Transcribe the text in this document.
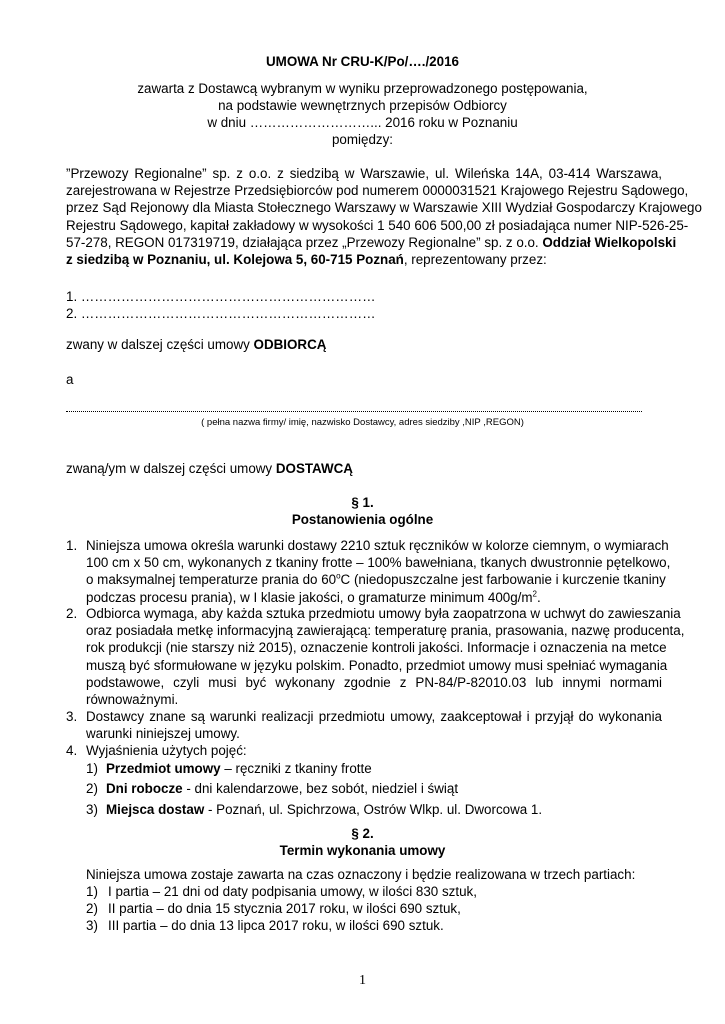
UMOWA Nr CRU-K/Po/…./2016
zawarta z Dostawcą wybranym w wyniku przeprowadzonego postępowania,
na podstawie wewnętrznych przepisów Odbiorcy
w dniu ………………………... 2016 roku w Poznaniu
pomiędzy:
”Przewozy Regionalne” sp. z o.o. z siedzibą w Warszawie, ul. Wileńska 14A, 03-414 Warszawa,
zarejestrowana w Rejestrze Przedsiębiorców pod numerem 0000031521 Krajowego Rejestru Sądowego,
przez Sąd Rejonowy dla Miasta Stołecznego Warszawy w Warszawie XIII Wydział Gospodarczy Krajowego
Rejestru Sądowego, kapitał zakładowy w wysokości 1 540 606 500,00 zł posiadająca numer NIP-526-25-
57-278, REGON 017319719, działająca przez „Przewozy Regionalne” sp. z o.o. Oddział Wielkopolski
z siedzibą w Poznaniu, ul. Kolejowa 5, 60-715 Poznań, reprezentowany przez:
1. …………………………………………………………
2. …………………………………………………………
zwany w dalszej części umowy ODBIORCĄ
a
( pełna nazwa firmy/ imię, nazwisko Dostawcy, adres siedziby ,NIP ,REGON)
zwaną/ym w dalszej części umowy DOSTAWCĄ
§ 1.
Postanowienia ogólne
1. Niniejsza umowa określa warunki dostawy 2210 sztuk ręczników w kolorze ciemnym, o wymiarach
100 cm x 50 cm, wykonanych z tkaniny frotte – 100% bawełniana, tkanych dwustronnie pętelkowo,
o maksymalnej temperaturze prania do 60$^o$C (niedopuszczalne jest farbowanie i kurczenie tkaniny
podczas procesu prania), w I klasie jakości, o gramaturze minimum $400g/m^2$.
2. Odbiorca wymaga, aby każda sztuka przedmiotu umowy była zaopatrzona w uchwyt do zawieszania
oraz posiadała metkę informacyjną zawierającą: temperaturę prania, prasowania, nazwę producenta,
rok produkcji (nie starszy niż 2015), oznaczenie kontroli jakości. Informacje i oznaczenia na metce
muszą być sformułowane w języku polskim. Ponadto, przedmiot umowy musi spełniać wymagania
podstawowe, czyli musi być wykonany zgodnie z PN-84/P-82010.03 lub innymi normami
równoważnymi.
3. Dostawcy znane są warunki realizacji przedmiotu umowy, zaakceptował i przyjął do wykonania
warunki niniejszej umowy.
4. Wyjaśnienia użytych pojęć:
1) Przedmiot umowy – ręczniki z tkaniny frotte
2) Dni robocze - dni kalendarzowe, bez sobót, niedziel i świąt
3) Miejsca dostaw - Poznań, ul. Spichrzowa, Ostrów Wlkp. ul. Dworcowa 1.
§ 2.
Termin wykonania umowy
Niniejsza umowa zostaje zawarta na czas oznaczony i będzie realizowana w trzech partiach:
1) I partia – 21 dni od daty podpisania umowy, w ilości 830 sztuk,
2) II partia – do dnia 15 stycznia 2017 roku, w ilości 690 sztuk,
3) III partia – do dnia 13 lipca 2017 roku, w ilości 690 sztuk.
1
